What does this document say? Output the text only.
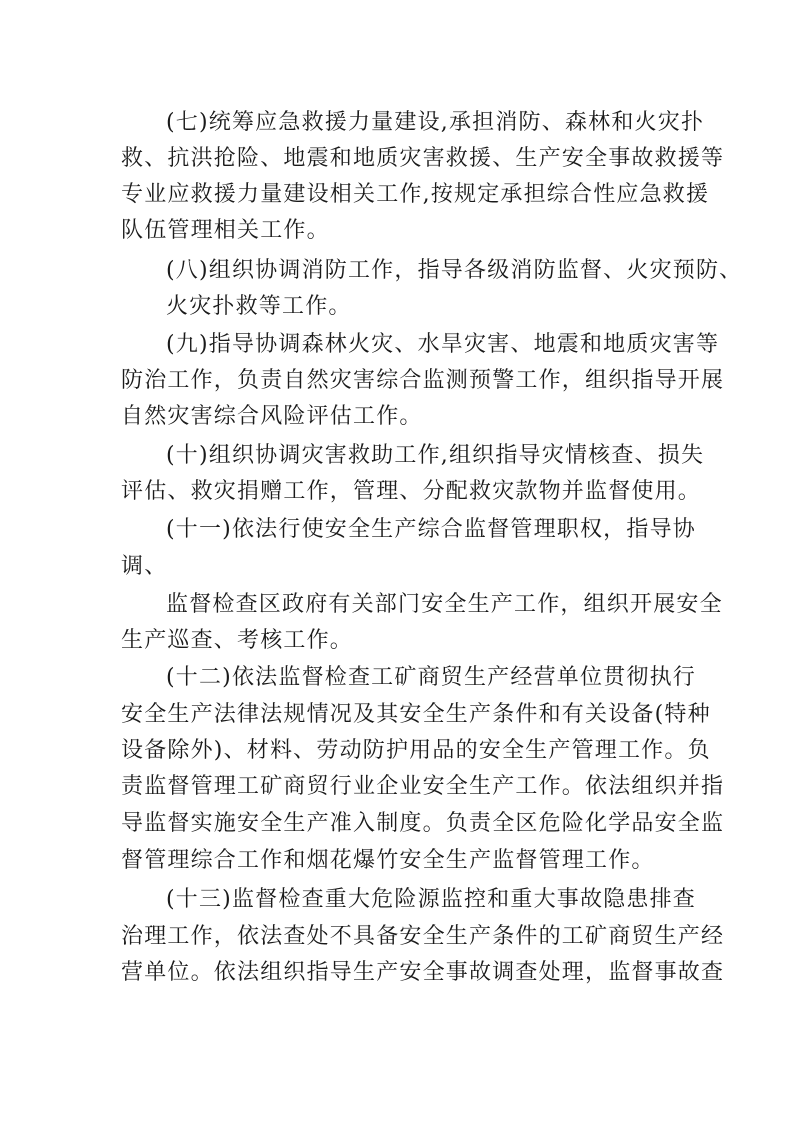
(七)统筹应急救援力量建设,承担消防、森林和火灾扑
救、抗洪抢险、地震和地质灾害救援、生产安全事故救援等
专业应救援力量建设相关工作,按规定承担综合性应急救援
队伍管理相关工作。
(八)组织协调消防工作，指导各级消防监督、火灾预防、
火灾扑救等工作。
(九)指导协调森林火灾、水旱灾害、地震和地质灾害等
防治工作，负责自然灾害综合监测预警工作，组织指导开展
自然灾害综合风险评估工作。
(十)组织协调灾害救助工作,组织指导灾情核查、损失
评估、救灾捐赠工作，管理、分配救灾款物并监督使用。
(十一)依法行使安全生产综合监督管理职权，指导协
调、
监督检查区政府有关部门安全生产工作，组织开展安全
生产巡查、考核工作。
(十二)依法监督检查工矿商贸生产经营单位贯彻执行
安全生产法律法规情况及其安全生产条件和有关设备(特种
设备除外)、材料、劳动防护用品的安全生产管理工作。负
责监督管理工矿商贸行业企业安全生产工作。依法组织并指
导监督实施安全生产准入制度。负责全区危险化学品安全监
督管理综合工作和烟花爆竹安全生产监督管理工作。
(十三)监督检查重大危险源监控和重大事故隐患排查
治理工作，依法查处不具备安全生产条件的工矿商贸生产经
营单位。依法组织指导生产安全事故调查处理，监督事故查
